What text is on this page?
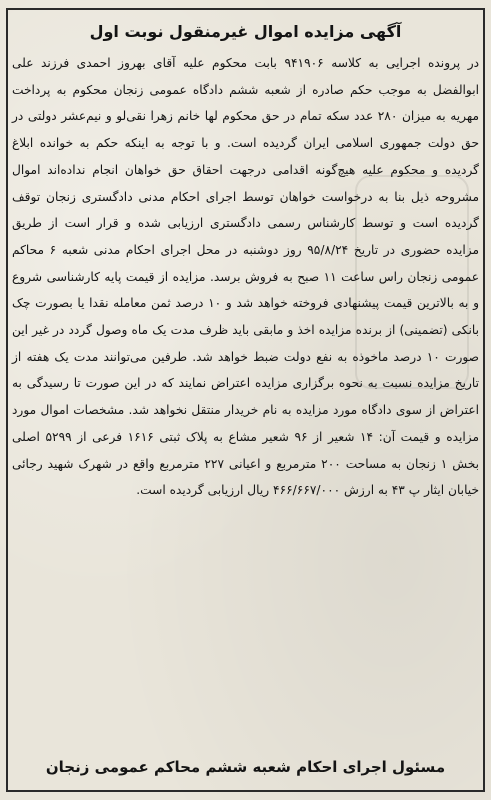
آگهی مزایده اموال غیرمنقول نوبت اول

در پرونده اجرایی به کلاسه ۹۴۱۹۰۶ بابت محکوم علیه آقای بهروز احمدی فرزند علی ابوالفضل به موجب حکم صادره از شعبه ششم دادگاه عمومی زنجان محکوم به پرداخت مهریه به میزان ۲۸۰ عدد سکه تمام در حق محکوم لها خانم زهرا نقی‌لو و نیم‌عشر دولتی در حق دولت جمهوری اسلامی ایران گردیده است. و با توجه به اینکه حکم به خوانده ابلاغ گردیده و محکوم علیه هیچ‌گونه اقدامی درجهت احقاق حق خواهان انجام نداده‌اند اموال مشروحه ذیل بنا به درخواست خواهان توسط اجرای احکام مدنی دادگستری زنجان توقف گردیده است و توسط کارشناس رسمی دادگستری ارزیابی شده و قرار است از طریق مزایده حضوری در تاریخ ۹۵/۸/۲۴ روز دوشنبه در محل اجرای احکام مدنی شعبه ۶ محاکم عمومی زنجان راس ساعت ۱۱ صبح به فروش برسد. مزایده از قیمت پایه کارشناسی شروع و به بالاترین قیمت پیشنهادی فروخته خواهد شد و ۱۰ درصد ثمن معامله نقدا یا بصورت چک بانکی (تضمینی) از برنده مزایده اخذ و مابقی باید ظرف مدت یک ماه وصول گردد در غیر این صورت ۱۰ درصد ماخوذه به نفع دولت ضبط خواهد شد. طرفین می‌توانند مدت یک هفته از تاریخ مزایده نسبت به نحوه برگزاری مزایده اعتراض نمایند که در این صورت تا رسیدگی به اعتراض از سوی دادگاه مورد مزایده به نام خریدار منتقل نخواهد شد. مشخصات اموال مورد مزایده و قیمت آن: ۱۴ شعیر از ۹۶ شعیر مشاع به پلاک ثبتی ۱۶۱۶ فرعی از ۵۲۹۹ اصلی بخش ۱ زنجان به مساحت ۲۰۰ مترمربع و اعیانی ۲۲۷ مترمربع واقع در شهرک شهید رجائی خیابان ایثار پ ۴۳ به ارزش ۴۶۶/۶۶۷/۰۰۰ ریال ارزیابی گردیده است.

مسئول اجرای احکام شعبه ششم محاکم عمومی زنجان
